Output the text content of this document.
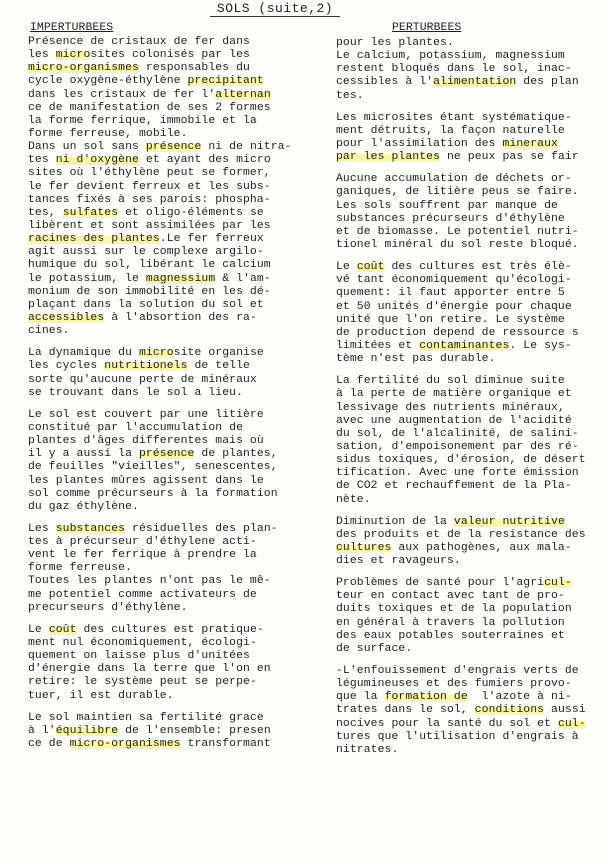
SOLS (suite,2)
IMPERTURBEES
Présence de cristaux de fer dans
les microsites colonisés par les
micro-organismes responsables du
cycle oxygène-éthylène precipitant
dans les cristaux de fer l'alternan
ce de manifestation de ses 2 formes
la forme ferrique, immobile et la
forme ferreuse, mobile.
Dans un sol sans présence ni de nitra-
tes ni d'oxygène et ayant des micro
sites où l'éthylène peut se former,
le fer devient ferreux et les subs-
tances fixés à ses parois: phospha-
tes, sulfates et oligo-éléments se
libèrent et sont assimilées par les
racines des plantes.Le fer ferreux
agit aussi sur le complexe argilo-
humique du sol, libérant le calcium
le potassium, le magnessium & l'am-
monium de son immobilité en les dé-
plaçant dans la solution du sol et
accessibles à l'absortion des ra-
cines.
La dynamique du microsite organise
les cycles nutritionels de telle
sorte qu'aucune perte de minéraux
se trouvant dans le sol a lieu.
Le sol est couvert par une litière
constitué par l'accumulation de
plantes d'âges differentes mais où
il y a aussi la présence de plantes,
de feuilles "vieilles", senescentes,
les plantes mûres agissent dans le
sol comme précurseurs à la formation
du gaz éthylène.
Les substances résiduelles des plan-
tes à précurseur d'éthylene acti-
vent le fer ferrique à prendre la
forme ferreuse.
Toutes les plantes n'ont pas le mê-
me potentiel comme activateurs de
precurseurs d'éthylène.
Le coût des cultures est pratique-
ment nul économiquement, écologi-
quement on laisse plus d'unitées
d'énergie dans la terre que l'on en
retire: le système peut se perpe-
tuer, il est durable.
Le sol maintien sa fertilité grace
à l'équilibre de l'ensemble: presen
ce de micro-organismes transformant
PERTURBEES
pour les plantes.
Le calcium, potassium, magnessium
restent bloqués dans le sol, inac-
cessibles à l'alimentation des plan
tes.
Les microsites étant systématique-
ment détruits, la façon naturelle
pour l'assimilation des mineraux
par les plantes ne peux pas se fair
Aucune accumulation de déchets or-
ganiques, de litière peus se faire.
Les sols souffrent par manque de
substances précurseurs d'éthylène
et de biomasse. Le potentiel nutri-
tionel minéral du sol reste bloqué.
Le coût des cultures est très élè-
vé tant économiquement qu'écologi-
quement: il faut apporter entre 5
et 50 unités d'énergie pour chaque
unité que l'on retire. Le système
de production depend de ressource s
limitées et contaminantes. Le sys-
tème n'est pas durable.
La fertilité du sol diminue suite
à la perte de matière organique et
lessivage des nutrients minéraux,
avec une augmentation de l'acidité
du sol, de l'alcalinité, de salini-
sation, d'empoisonement par des ré-
sidus toxiques, d'érosion, de désert
tification. Avec une forte émission
de CO2 et rechauffement de la Pla-
nète.
Diminution de la valeur nutritive
des produits et de la resistance des
cultures aux pathogènes, aux mala-
dies et ravageurs.
Problèmes de santé pour l'agricul-
teur en contact avec tant de pro-
duits toxiques et de la population
en général à travers la pollution
des eaux potables souterraines et
de surface.
-L'enfouissement d'engrais verts de
légumineuses et des fumiers provo-
que la formation de  l'azote à ni-
trates dans le sol, conditions aussi
nocives pour la santé du sol et cul-
tures que l'utilisation d'engrais à
nitrates.
